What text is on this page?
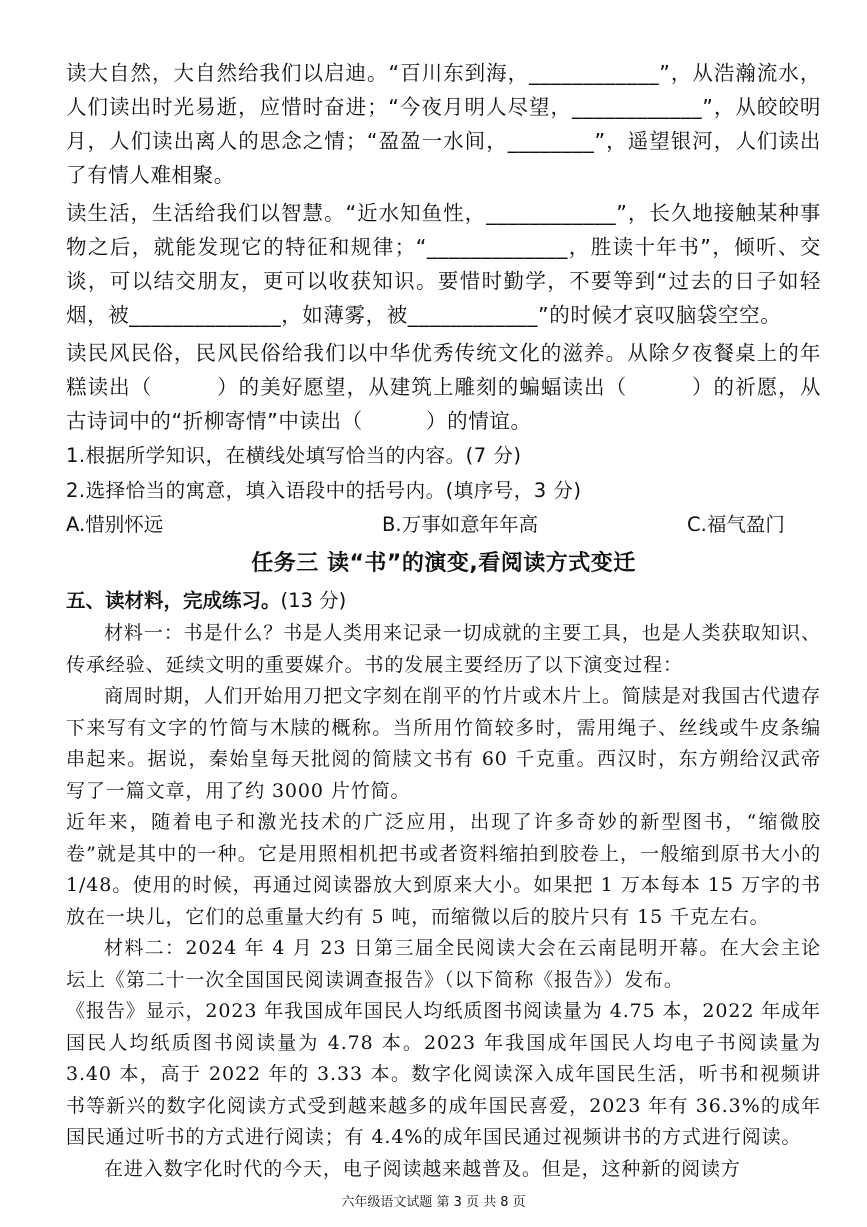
读大自然，大自然给我们以启迪。“百川东到海，____________”，从浩瀚流水，人们读出时光易逝，应惜时奋进；“今夜月明人尽望，____________”，从皎皎明月，人们读出离人的思念之情；“盈盈一水间，________”，遥望银河，人们读出了有情人难相聚。

读生活，生活给我们以智慧。“近水知鱼性，____________”，长久地接触某种事物之后，就能发现它的特征和规律；“_____________，胜读十年书”，倾听、交谈，可以结交朋友，更可以收获知识。要惜时勤学，不要等到“过去的日子如轻烟，被______________，如薄雾，被____________”的时候才哀叹脑袋空空。

读民风民俗，民风民俗给我们以中华优秀传统文化的滋养。从除夕夜餐桌上的年糕读出（　　　）的美好愿望，从建筑上雕刻的蝙蝠读出（　　　）的祈愿，从古诗词中的“折柳寄情”中读出（　　　）的情谊。

1.根据所学知识，在横线处填写恰当的内容。(7 分)

2.选择恰当的寓意，填入语段中的括号内。(填序号，3 分)

A.惜别怀远	B.万事如意年年高	C.福气盈门
任务三 读“书”的演变,看阅读方式变迁
五、读材料，完成练习。(13 分)

材料一：书是什么？书是人类用来记录一切成就的主要工具，也是人类获取知识、传承经验、延续文明的重要媒介。书的发展主要经历了以下演变过程：

商周时期，人们开始用刀把文字刻在削平的竹片或木片上。简牍是对我国古代遗存下来写有文字的竹简与木牍的概称。当所用竹简较多时，需用绳子、丝线或牛皮条编串起来。据说，秦始皇每天批阅的简牍文书有 60 千克重。西汉时，东方朔给汉武帝写了一篇文章，用了约 3000 片竹简。

近年来，随着电子和激光技术的广泛应用，出现了许多奇妙的新型图书，“缩微胶卷”就是其中的一种。它是用照相机把书或者资料缩拍到胶卷上，一般缩到原书大小的 1/48。使用的时候，再通过阅读器放大到原来大小。如果把 1 万本每本 15 万字的书放在一块儿，它们的总重量大约有 5 吨，而缩微以后的胶片只有 15 千克左右。

材料二：2024 年 4 月 23 日第三届全民阅读大会在云南昆明开幕。在大会主论坛上《第二十一次全国国民阅读调查报告》（以下简称《报告》）发布。

《报告》显示，2023 年我国成年国民人均纸质图书阅读量为 4.75 本，2022 年成年国民人均纸质图书阅读量为 4.78 本。2023 年我国成年国民人均电子书阅读量为 3.40 本，高于 2022 年的 3.33 本。数字化阅读深入成年国民生活，听书和视频讲书等新兴的数字化阅读方式受到越来越多的成年国民喜爱，2023 年有 36.3%的成年国民通过听书的方式进行阅读；有 4.4%的成年国民通过视频讲书的方式进行阅读。

在进入数字化时代的今天，电子阅读越来越普及。但是，这种新的阅读方

六年级语文试题 第 3 页 共 8 页
